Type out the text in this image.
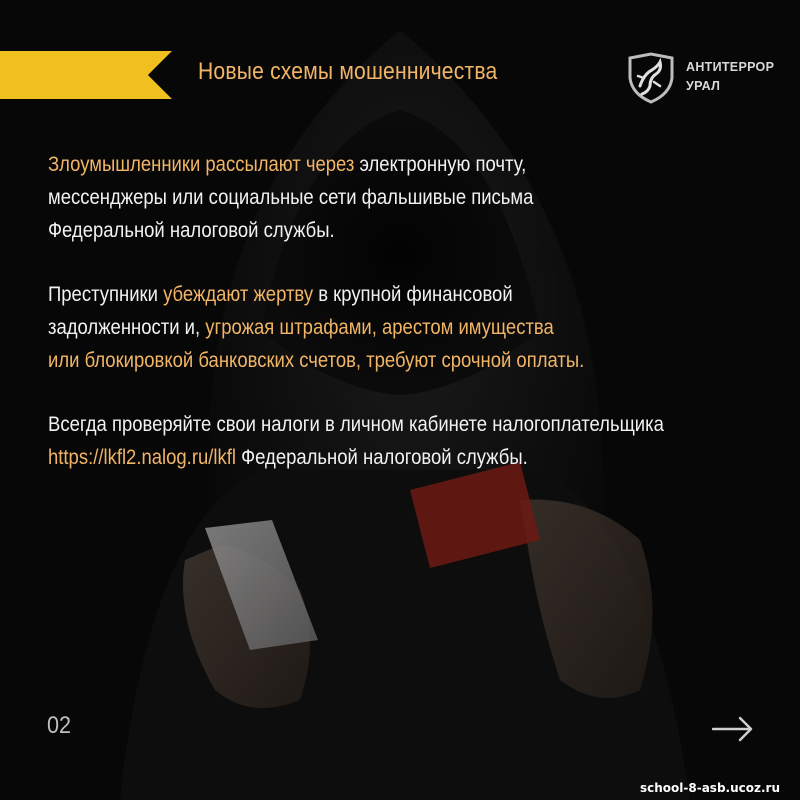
Новые схемы мошенничества	АНТИТЕРРОР
УРАЛ

Злоумышленники рассылают через электронную почту,
мессенджеры или социальные сети фальшивые письма
Федеральной налоговой службы.

Преступники убеждают жертву в крупной финансовой
задолженности и, угрожая штрафами, арестом имущества
или блокировкой банковских счетов, требуют срочной оплаты.

Всегда проверяйте свои налоги в личном кабинете налогоплательщика
https://lkfl2.nalog.ru/lkfl Федеральной налоговой службы.

02
school-8-asb.ucoz.ru
